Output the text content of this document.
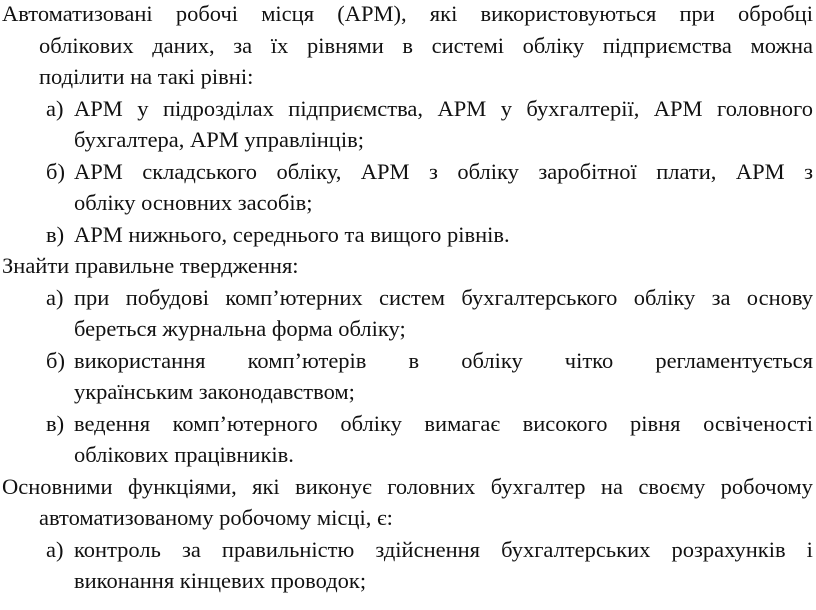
Автоматизовані робочі місця (АРМ), які використовуються при обробці
облікових даних, за їх рівнями в системі обліку підприємства можна
поділити на такі рівні:
а) АРМ у підрозділах підприємства, АРМ у бухгалтерії, АРМ головного
бухгалтера, АРМ управлінців;
б) АРМ складського обліку, АРМ з обліку заробітної плати, АРМ з
обліку основних засобів;
в) АРМ нижнього, середнього та вищого рівнів.
Знайти правильне твердження:
а) при побудові комп’ютерних систем бухгалтерського обліку за основу
береться журнальна форма обліку;
б) використання комп’ютерів в обліку чітко регламентується
українським законодавством;
в) ведення комп’ютерного обліку вимагає високого рівня освіченості
облікових працівників.
Основними функціями, які виконує головних бухгалтер на своєму робочому
автоматизованому робочому місці, є:
а) контроль за правильністю здійснення бухгалтерських розрахунків і
виконання кінцевих проводок;
